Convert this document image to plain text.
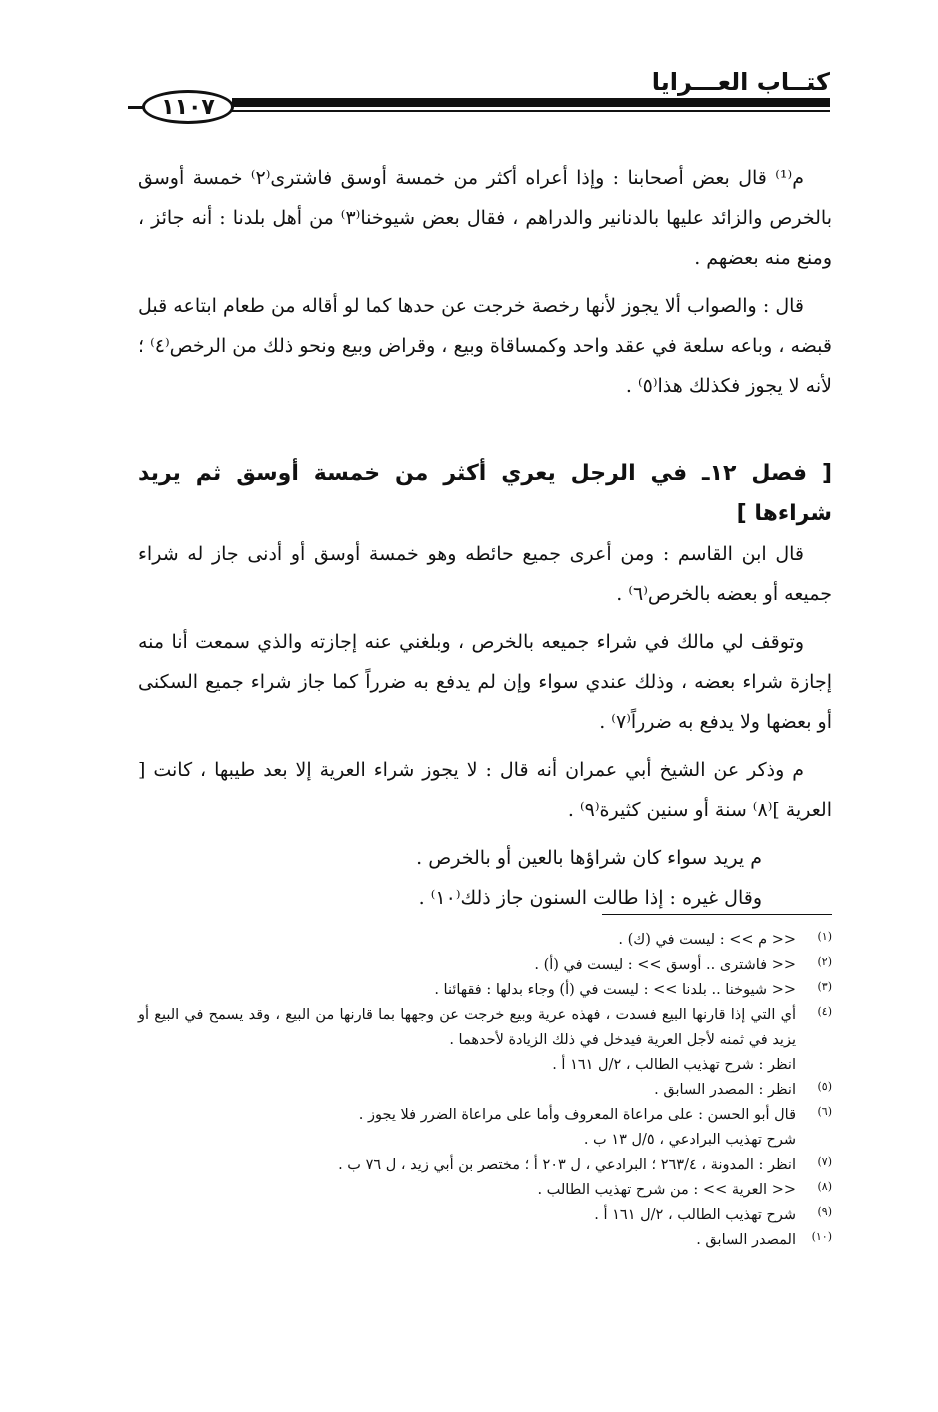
كتــاب العـــرايا
١١٠٧

م⁽¹⁾ قال بعض أصحابنا : وإذا أعراه أكثر من خمسة أوسق فاشترى⁽٢⁾ خمسة أوسق بالخرص والزائد عليها بالدنانير والدراهم ، فقال بعض شيوخنا⁽٣⁾ من أهل بلدنا : أنه جائز ، ومنع منه بعضهم .

قال : والصواب ألا يجوز لأنها رخصة خرجت عن حدها كما لو أقاله من طعام ابتاعه قبل قبضه ، وباعه سلعة في عقد واحد وكمساقاة وبيع ، وقراض وبيع ونحو ذلك من الرخص⁽٤⁾ ؛ لأنه لا يجوز فكذلك هذا⁽٥⁾ .

[ فصل ١٢ـ في الرجل يعري أكثر من خمسة أوسق ثم يريد شراءها ]

قال ابن القاسم : ومن أعرى جميع حائطه وهو خمسة أوسق أو أدنى جاز له شراء جميعه أو بعضه بالخرص⁽٦⁾ .

وتوقف لي مالك في شراء جميعه بالخرص ، وبلغني عنه إجازته والذي سمعت أنا منه إجازة شراء بعضه ، وذلك عندي سواء وإن لم يدفع به ضرراً كما جاز شراء جميع السكنى أو بعضها ولا يدفع به ضرراً⁽٧⁾ .

م وذكر عن الشيخ أبي عمران أنه قال : لا يجوز شراء العرية إلا بعد طيبها ، كانت [ العرية ]⁽٨⁾ سنة أو سنين كثيرة⁽٩⁾ .

م يريد سواء كان شراؤها بالعين أو بالخرص .

وقال غيره : إذا طالت السنون جاز ذلك⁽١٠⁾ .

(١)
<< م >> : ليست في (ك) .
(٢)
<< فاشترى .. أوسق >> : ليست في (أ) .
(٣)
<< شيوخنا .. بلدنا >> : ليست في (أ) وجاء بدلها : فقهائنا .
(٤)
أي التي إذا قارنها البيع فسدت ، فهذه عرية وبيع خرجت عن وجهها بما قارنها من البيع ، وقد يسمح في البيع أو يزيد في ثمنه لأجل العرية فيدخل في ذلك الزيادة لأحدهما .
انظر : شرح تهذيب الطالب ، ٢/ل ١٦١ أ .
(٥)
انظر : المصدر السابق .
(٦)
قال أبو الحسن : على مراعاة المعروف وأما على مراعاة الضرر فلا يجوز .
شرح تهذيب البرادعي ، ٥/ل ١٣ ب .
(٧)
انظر : المدونة ، ٢٦٣/٤ ؛ البرادعي ، ل ٢٠٣ أ ؛ مختصر بن أبي زيد ، ل ٧٦ ب .
(٨)
<< العرية >> : من شرح تهذيب الطالب .
(٩)
شرح تهذيب الطالب ، ٢/ل ١٦١ أ .
(١٠)
المصدر السابق .
